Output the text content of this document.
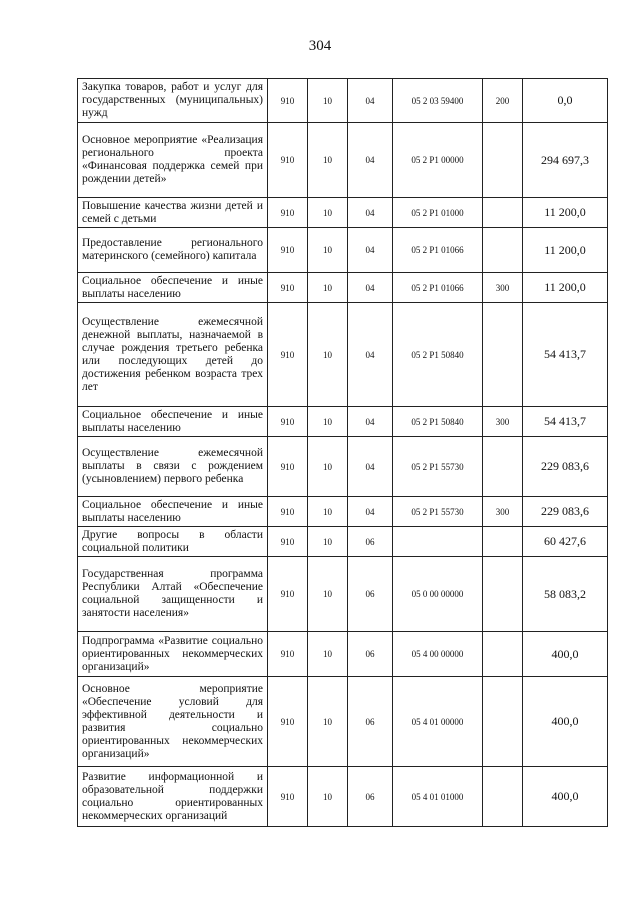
304
Закупка товаров, работ и услуг для государственных (муниципальных) нужд	910	10	04	05 2 03 59400	200	0,0
Основное мероприятие «Реализация регионального проекта «Финансовая поддержка семей при рождении детей»	910	10	04	05 2 P1 00000		294 697,3
Повышение качества жизни детей и семей с детьми	910	10	04	05 2 P1 01000		11 200,0
Предоставление регионального материнского (семейного) капитала	910	10	04	05 2 P1 01066		11 200,0
Социальное обеспечение и иные выплаты населению	910	10	04	05 2 P1 01066	300	11 200,0
Осуществление ежемесячной денежной выплаты, назначаемой в случае рождения третьего ребенка или последующих детей до достижения ребенком возраста трех лет	910	10	04	05 2 P1 50840		54 413,7
Социальное обеспечение и иные выплаты населению	910	10	04	05 2 P1 50840	300	54 413,7
Осуществление ежемесячной выплаты в связи с рождением (усыновлением) первого ребенка	910	10	04	05 2 P1 55730		229 083,6
Социальное обеспечение и иные выплаты населению	910	10	04	05 2 P1 55730	300	229 083,6
Другие вопросы в области социальной политики	910	10	06			60 427,6
Государственная программа Республики Алтай «Обеспечение социальной защищенности и занятости населения»	910	10	06	05 0 00 00000		58 083,2
Подпрограмма «Развитие социально ориентированных некоммерческих организаций»	910	10	06	05 4 00 00000		400,0
Основное мероприятие «Обеспечение условий для эффективной деятельности и развития социально ориентированных некоммерческих организаций»	910	10	06	05 4 01 00000		400,0
Развитие информационной и образовательной поддержки социально ориентированных некоммерческих организаций	910	10	06	05 4 01 01000		400,0
